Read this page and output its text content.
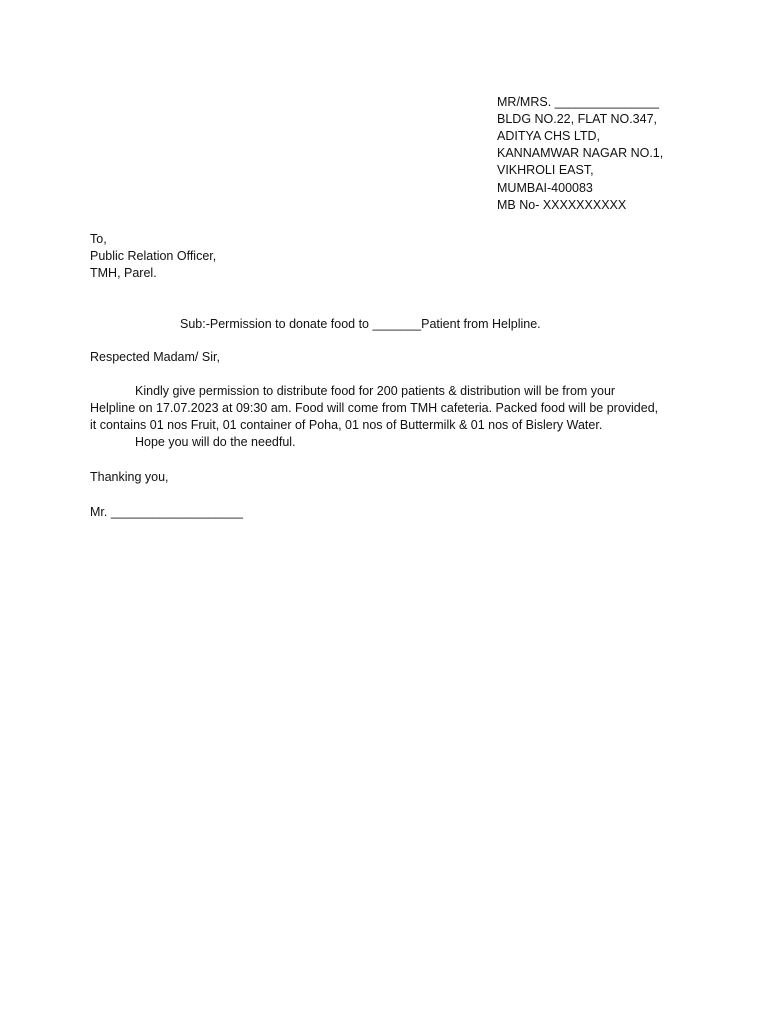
MR/MRS. _______________
BLDG NO.22, FLAT NO.347,
ADITYA CHS LTD,
KANNAMWAR NAGAR NO.1,
VIKHROLI EAST,
MUMBAI-400083
MB No- XXXXXXXXXX
To,
Public Relation Officer,
TMH, Parel.
Sub:-Permission to donate food to _______Patient from Helpline.
Respected Madam/ Sir,
Kindly give permission to distribute food for 200 patients & distribution will be from your
Helpline on 17.07.2023 at 09:30 am. Food will come from TMH cafeteria. Packed food will be provided,
it contains 01 nos Fruit, 01 container of Poha, 01 nos of Buttermilk & 01 nos of Bislery Water.
Hope you will do the needful.
Thanking you,
Mr. ___________________
